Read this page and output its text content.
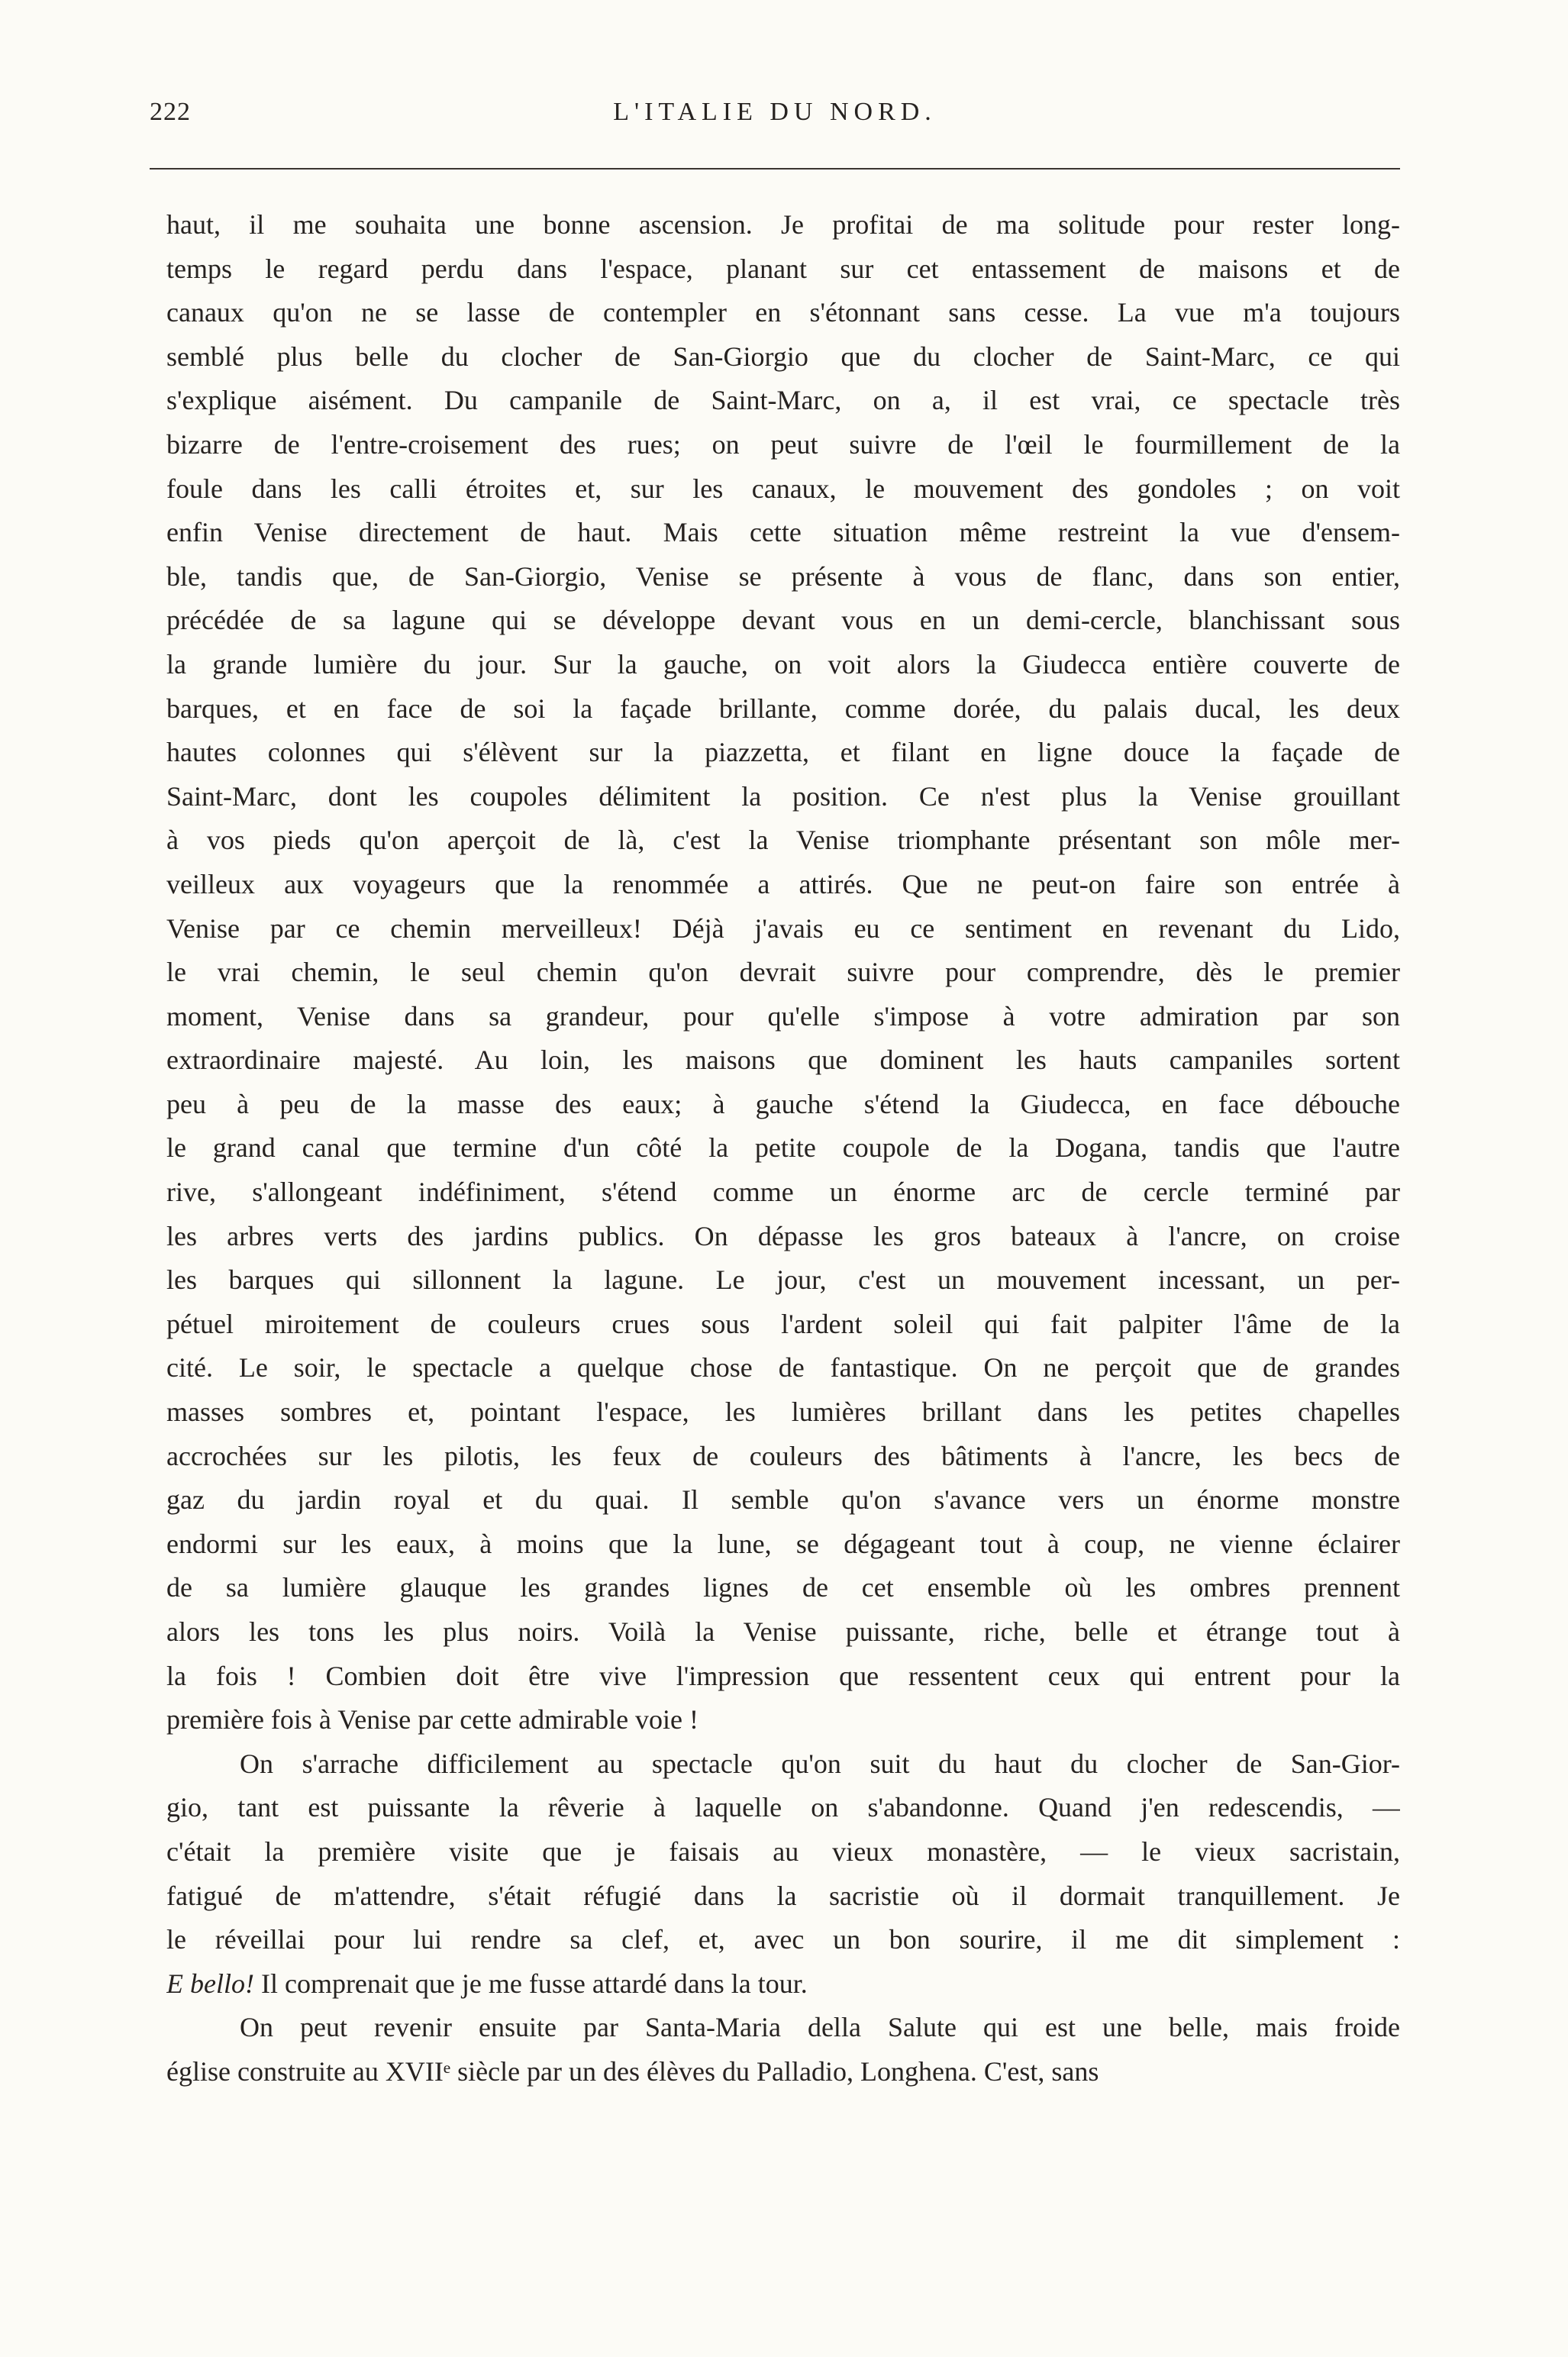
222	L'ITALIE DU NORD.
haut, il me souhaita une bonne ascension. Je profitai de ma solitude pour rester long-
temps le regard perdu dans l'espace, planant sur cet entassement de maisons et de
canaux qu'on ne se lasse de contempler en s'étonnant sans cesse. La vue m'a toujours
semblé plus belle du clocher de San-Giorgio que du clocher de Saint-Marc, ce qui
s'explique aisément. Du campanile de Saint-Marc, on a, il est vrai, ce spectacle très
bizarre de l'entre-croisement des rues; on peut suivre de l'œil le fourmillement de la
foule dans les calli étroites et, sur les canaux, le mouvement des gondoles ; on voit
enfin Venise directement de haut. Mais cette situation même restreint la vue d'ensem-
ble, tandis que, de San-Giorgio, Venise se présente à vous de flanc, dans son entier,
précédée de sa lagune qui se développe devant vous en un demi-cercle, blanchissant sous
la grande lumière du jour. Sur la gauche, on voit alors la Giudecca entière couverte de
barques, et en face de soi la façade brillante, comme dorée, du palais ducal, les deux
hautes colonnes qui s'élèvent sur la piazzetta, et filant en ligne douce la façade de
Saint-Marc, dont les coupoles délimitent la position. Ce n'est plus la Venise grouillant
à vos pieds qu'on aperçoit de là, c'est la Venise triomphante présentant son môle mer-
veilleux aux voyageurs que la renommée a attirés. Que ne peut-on faire son entrée à
Venise par ce chemin merveilleux! Déjà j'avais eu ce sentiment en revenant du Lido,
le vrai chemin, le seul chemin qu'on devrait suivre pour comprendre, dès le premier
moment, Venise dans sa grandeur, pour qu'elle s'impose à votre admiration par son
extraordinaire majesté. Au loin, les maisons que dominent les hauts campaniles sortent
peu à peu de la masse des eaux; à gauche s'étend la Giudecca, en face débouche
le grand canal que termine d'un côté la petite coupole de la Dogana, tandis que l'autre
rive, s'allongeant indéfiniment, s'étend comme un énorme arc de cercle terminé par
les arbres verts des jardins publics. On dépasse les gros bateaux à l'ancre, on croise
les barques qui sillonnent la lagune. Le jour, c'est un mouvement incessant, un per-
pétuel miroitement de couleurs crues sous l'ardent soleil qui fait palpiter l'âme de la
cité. Le soir, le spectacle a quelque chose de fantastique. On ne perçoit que de grandes
masses sombres et, pointant l'espace, les lumières brillant dans les petites chapelles
accrochées sur les pilotis, les feux de couleurs des bâtiments à l'ancre, les becs de
gaz du jardin royal et du quai. Il semble qu'on s'avance vers un énorme monstre
endormi sur les eaux, à moins que la lune, se dégageant tout à coup, ne vienne éclairer
de sa lumière glauque les grandes lignes de cet ensemble où les ombres prennent
alors les tons les plus noirs. Voilà la Venise puissante, riche, belle et étrange tout à
la fois ! Combien doit être vive l'impression que ressentent ceux qui entrent pour la
première fois à Venise par cette admirable voie !
On s'arrache difficilement au spectacle qu'on suit du haut du clocher de San-Gior-
gio, tant est puissante la rêverie à laquelle on s'abandonne. Quand j'en redescendis, —
c'était la première visite que je faisais au vieux monastère, — le vieux sacristain,
fatigué de m'attendre, s'était réfugié dans la sacristie où il dormait tranquillement. Je
le réveillai pour lui rendre sa clef, et, avec un bon sourire, il me dit simplement :
E bello! Il comprenait que je me fusse attardé dans la tour.
On peut revenir ensuite par Santa-Maria della Salute qui est une belle, mais froide
église construite au XVIIᵉ siècle par un des élèves du Palladio, Longhena. C'est, sans
